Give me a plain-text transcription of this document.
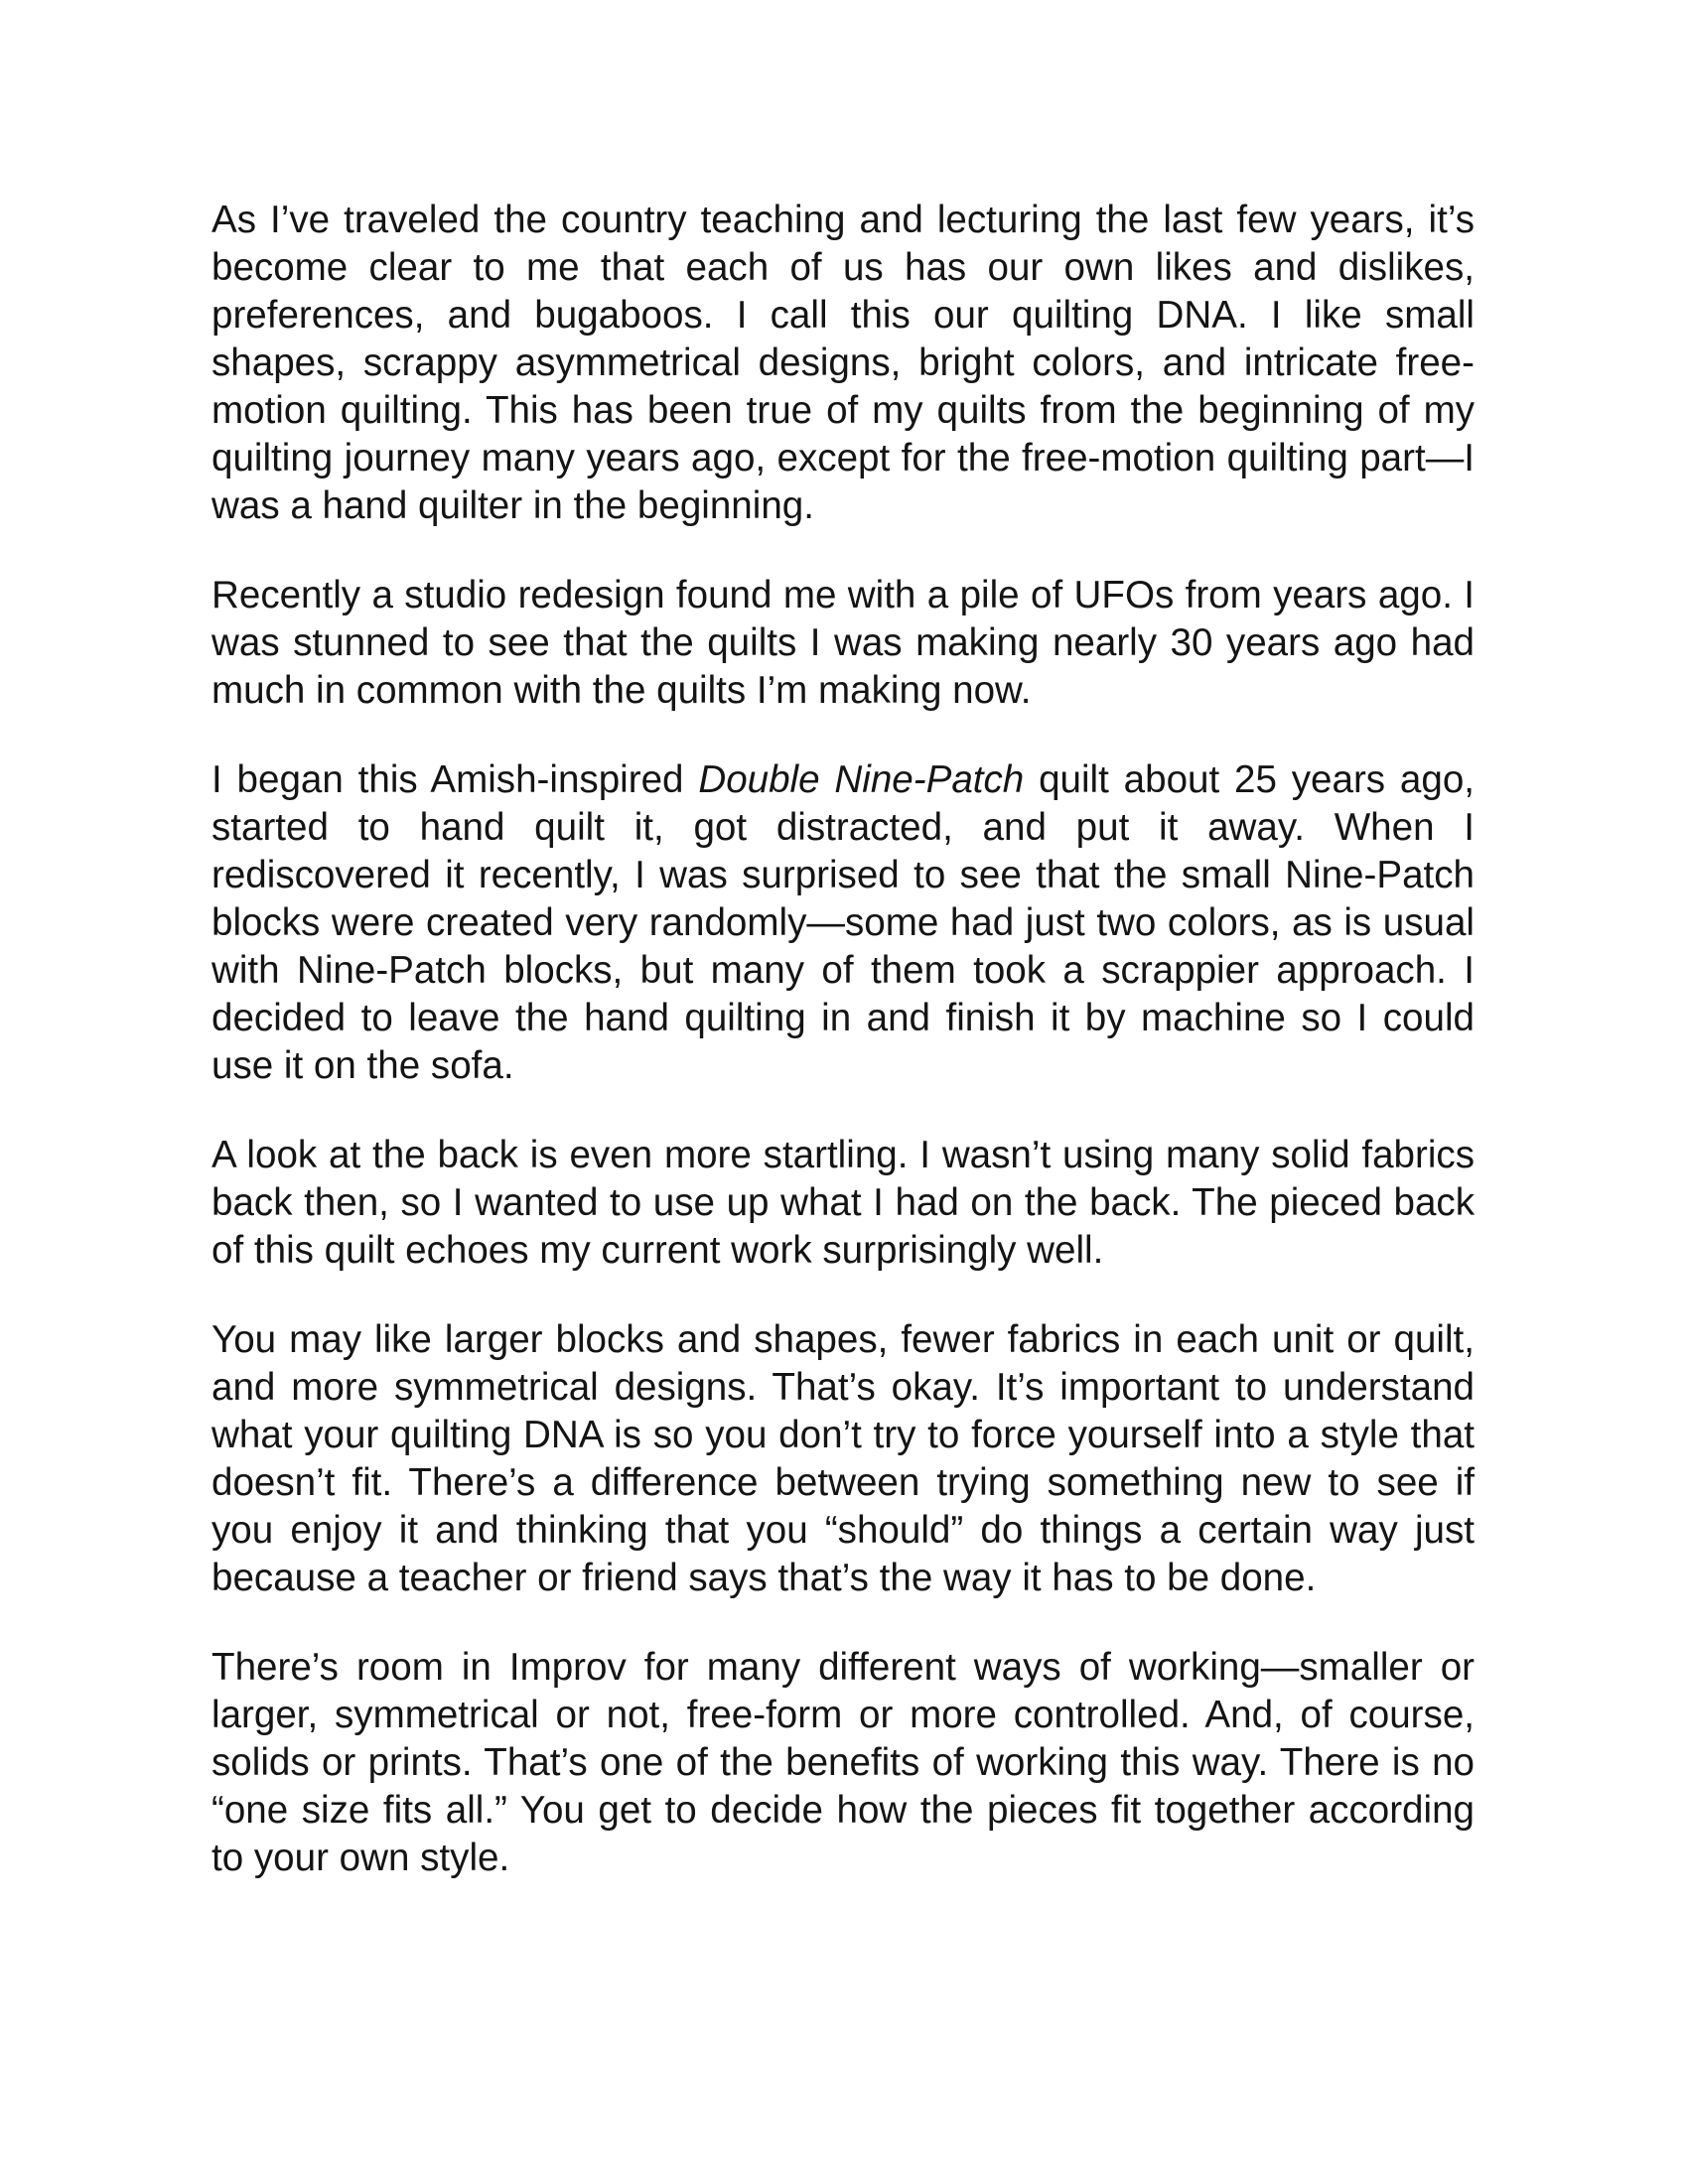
As I’ve traveled the country teaching and lecturing the last few years, it’s become clear to me that each of us has our own likes and dislikes, preferences, and bugaboos. I call this our quilting DNA. I like small shapes, scrappy asymmetrical designs, bright colors, and intricate free-motion quilting. This has been true of my quilts from the beginning of my quilting journey many years ago, except for the free-motion quilting part—I was a hand quilter in the beginning.

Recently a studio redesign found me with a pile of UFOs from years ago. I was stunned to see that the quilts I was making nearly 30 years ago had much in common with the quilts I’m making now.

I began this Amish-inspired Double Nine-Patch quilt about 25 years ago, started to hand quilt it, got distracted, and put it away. When I rediscovered it recently, I was surprised to see that the small Nine-Patch blocks were created very randomly—some had just two colors, as is usual with Nine-Patch blocks, but many of them took a scrappier approach. I decided to leave the hand quilting in and finish it by machine so I could use it on the sofa.

A look at the back is even more startling. I wasn’t using many solid fabrics back then, so I wanted to use up what I had on the back. The pieced back of this quilt echoes my current work surprisingly well.

You may like larger blocks and shapes, fewer fabrics in each unit or quilt, and more symmetrical designs. That’s okay. It’s important to understand what your quilting DNA is so you don’t try to force yourself into a style that doesn’t fit. There’s a difference between trying something new to see if you enjoy it and thinking that you “should” do things a certain way just because a teacher or friend says that’s the way it has to be done.

There’s room in Improv for many different ways of working—smaller or larger, symmetrical or not, free-form or more controlled. And, of course, solids or prints. That’s one of the benefits of working this way. There is no “one size fits all.” You get to decide how the pieces fit together according to your own style.
